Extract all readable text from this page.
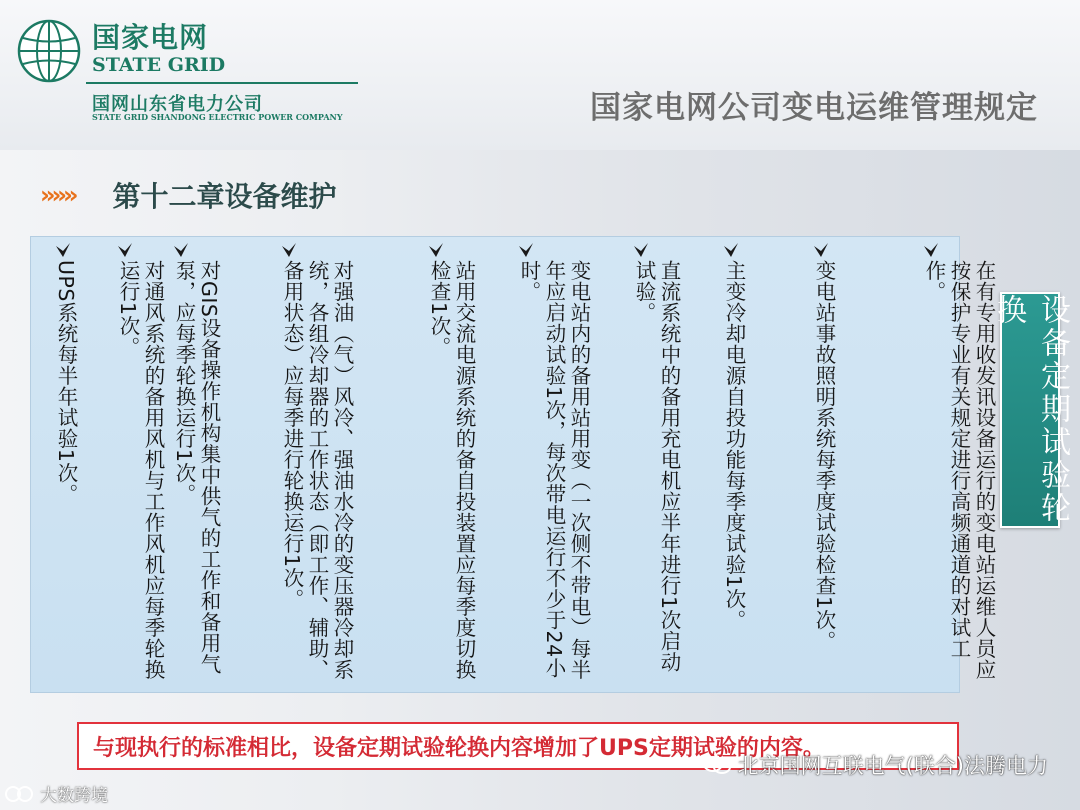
国家电网
STATE GRID
国网山东省电力公司
STATE GRID SHANDONG ELECTRIC POWER COMPANY	国家电网公司变电运维管理规定
»»» 第十二章设备维护
在有专用收发讯设备运行的变电站运维人员应按保护专业有关规定进行高频通道的对试工作。
变电站事故照明系统每季度试验检查1次。
主变冷却电源自投功能每季度试验1次。
直流系统中的备用充电机应半年进行1次启动试验。
变电站内的备用站用变（一次侧不带电）每半年应启动试验1次，每次带电运行不少于24小时。
站用交流电源系统的备自投装置应每季度切换检查1次。
对强油（气）风冷、强油水冷的变压器冷却系统，各组冷却器的工作状态（即工作、辅助、备用状态）应每季进行轮换运行1次。
对GIS设备操作机构集中供气的工作和备用气泵，应每季轮换运行1次。
对通风系统的备用风机与工作风机应每季轮换运行1次。
UPS系统每半年试验1次。	设备定期试验轮换
与现执行的标准相比，设备定期试验轮换内容增加了UPS定期试验的内容。
大数跨境
北京国网互联电气(联合)法腾电力
